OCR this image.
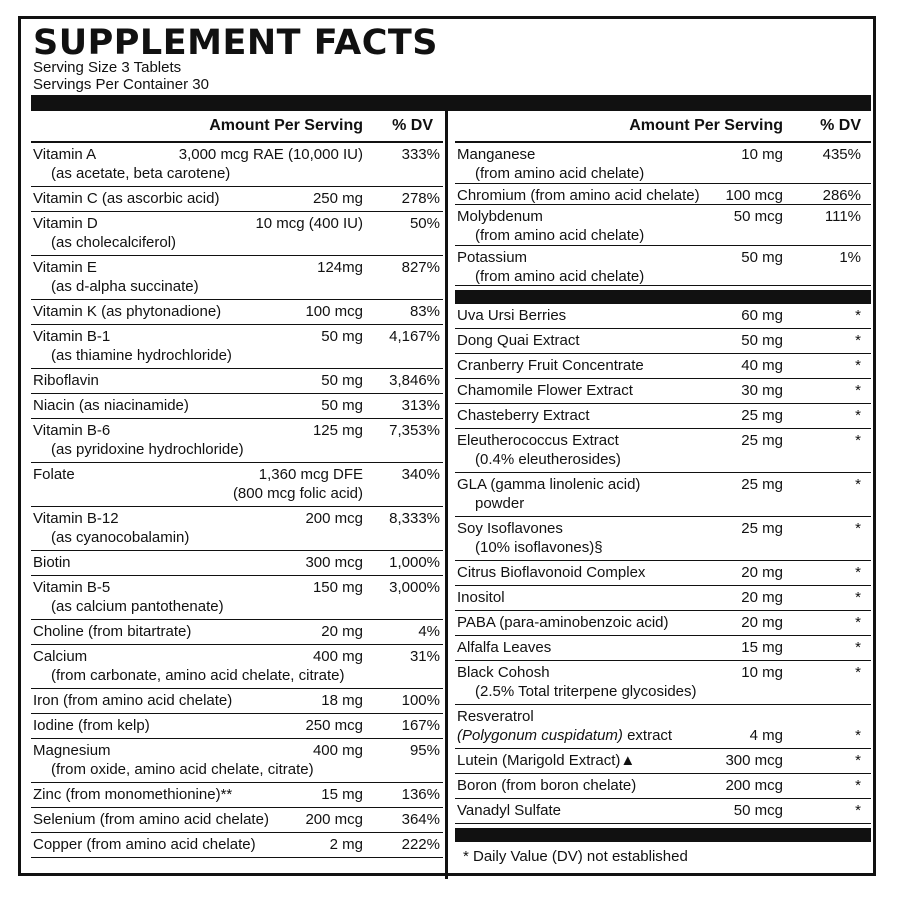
SUPPLEMENT FACTS
Serving Size 3 Tablets
Servings Per Container 30
Amount Per Serving % DV
Vitamin A
(as acetate, beta carotene)
3,000 mcg RAE (10,000 IU)	333%
Vitamin C (as ascorbic acid)	250 mg	278%
Vitamin D
(as cholecalciferol)
10 mcg (400 IU)	50%
Vitamin E
(as d-alpha succinate)
124mg	827%
Vitamin K (as phytonadione)	100 mcg	83%
Vitamin B-1
(as thiamine hydrochloride)
50 mg 4,167%
Riboflavin	50 mg 3,846%
Niacin (as niacinamide)	50 mg	313%
Vitamin B-6
(as pyridoxine hydrochloride)
125 mg 7,353%
Folate	1,360 mcg DFE
(800 mcg folic acid)
340%
Vitamin B-12
(as cyanocobalamin)
200 mcg 8,333%
Biotin	300 mcg 1,000%
Vitamin B-5
(as calcium pantothenate)
150 mg 3,000%
Choline (from bitartrate)	20 mg	4%
Calcium
(from carbonate, amino acid chelate, citrate)
400 mg	31%
Iron (from amino acid chelate)	18 mg	100%
Iodine (from kelp)	250 mcg	167%
Magnesium
(from oxide, amino acid chelate, citrate)
400 mg	95%
Zinc (from monomethionine)**	15 mg	136%
Selenium (from amino acid chelate) 200 mcg	364%
Copper (from amino acid chelate)	2 mg	222%
Amount Per Serving % DV
Manganese
(from amino acid chelate)
10 mg	435%
Chromium (from amino acid chelate) 100 mcg	286%
Molybdenum
(from amino acid chelate)
50 mcg	111%
Potassium
(from amino acid chelate)
50 mg	1%
Uva Ursi Berries	60 mg	*
Dong Quai Extract	50 mg	*
Cranberry Fruit Concentrate	40 mg	*
Chamomile Flower Extract	30 mg	*
Chasteberry Extract	25 mg	*
Eleutherococcus Extract
(0.4% eleutherosides)
25 mg	*
GLA (gamma linolenic acid)
powder
25 mg	*
Soy Isoflavones
(10% isoflavones)§
25 mg	*
Citrus Bioflavonoid Complex	20 mg	*
Inositol	20 mg	*
PABA (para-aminobenzoic acid)	20 mg	*
Alfalfa Leaves	15 mg	*
Black Cohosh
(2.5% Total triterpene glycosides)
10 mg	*
Resveratrol
(Polygonum cuspidatum) extract	4 mg	*
Lutein (Marigold Extract)▲	300 mcg	*
Boron (from boron chelate)	200 mcg	*
Vanadyl Sulfate	50 mcg	*
* Daily Value (DV) not established
